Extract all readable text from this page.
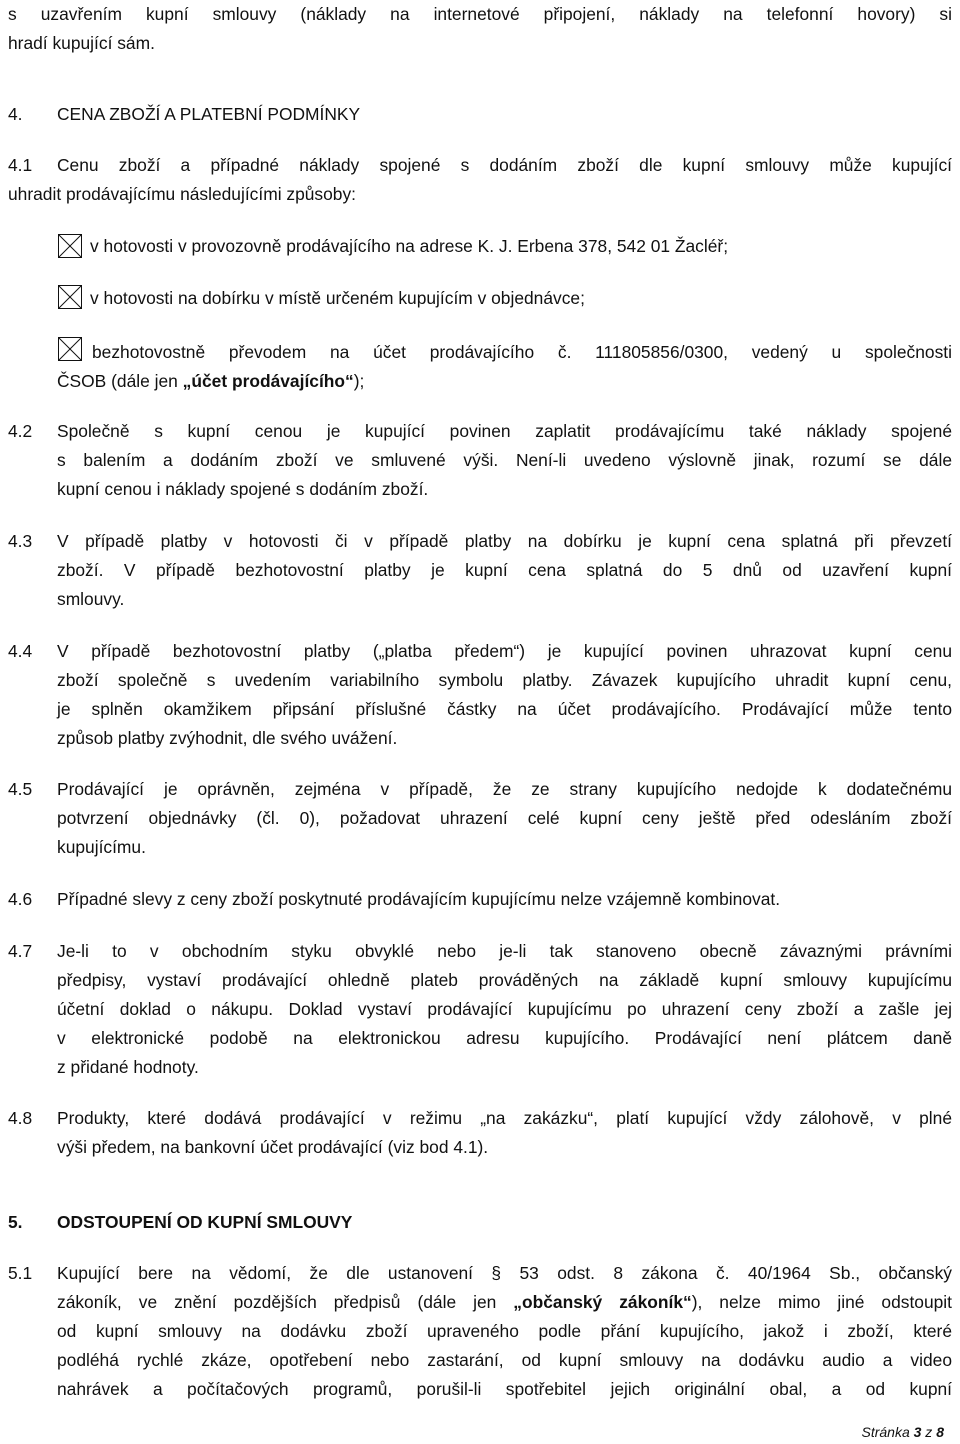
s uzavřením kupní smlouvy (náklady na internetové připojení, náklady na telefonní hovory) si
hradí kupující sám.
4. CENA ZBOŽÍ A PLATEBNÍ PODMÍNKY
4.1 Cenu zboží a případné náklady spojené s dodáním zboží dle kupní smlouvy může kupující
uhradit prodávajícímu následujícími způsoby:
v hotovosti v provozovně prodávajícího na adrese K. J. Erbena 378, 542 01 Žacléř;
v hotovosti na dobírku v místě určeném kupujícím v objednávce;
bezhotovostně převodem na účet prodávajícího č. 111805856/0300, vedený u společnosti
ČSOB (dále jen „účet prodávajícího“);
4.2 Společně s kupní cenou je kupující povinen zaplatit prodávajícímu také náklady spojené
s balením a dodáním zboží ve smluvené výši. Není-li uvedeno výslovně jinak, rozumí se dále
kupní cenou i náklady spojené s dodáním zboží.
4.3 V případě platby v hotovosti či v případě platby na dobírku je kupní cena splatná při převzetí
zboží. V případě bezhotovostní platby je kupní cena splatná do 5 dnů od uzavření kupní
smlouvy.
4.4 V případě bezhotovostní platby („platba předem“) je kupující povinen uhrazovat kupní cenu
zboží společně s uvedením variabilního symbolu platby. Závazek kupujícího uhradit kupní cenu,
je splněn okamžikem připsání příslušné částky na účet prodávajícího. Prodávající může tento
způsob platby zvýhodnit, dle svého uvážení.
4.5 Prodávající je oprávněn, zejména v případě, že ze strany kupujícího nedojde k dodatečnému
potvrzení objednávky (čl. 0), požadovat uhrazení celé kupní ceny ještě před odesláním zboží
kupujícímu.
4.6 Případné slevy z ceny zboží poskytnuté prodávajícím kupujícímu nelze vzájemně kombinovat.
4.7 Je-li to v obchodním styku obvyklé nebo je-li tak stanoveno obecně závaznými právními
předpisy, vystaví prodávající ohledně plateb prováděných na základě kupní smlouvy kupujícímu
účetní doklad o nákupu. Doklad vystaví prodávající kupujícímu po uhrazení ceny zboží a zašle jej
v elektronické podobě na elektronickou adresu kupujícího. Prodávající není plátcem daně
z přidané hodnoty.
4.8 Produkty, které dodává prodávající v režimu „na zakázku“, platí kupující vždy zálohově, v plné
výši předem, na bankovní účet prodávající (viz bod 4.1).
5. ODSTOUPENÍ OD KUPNÍ SMLOUVY
5.1 Kupující bere na vědomí, že dle ustanovení § 53 odst. 8 zákona č. 40/1964 Sb., občanský
zákoník, ve znění pozdějších předpisů (dále jen „občanský zákoník“), nelze mimo jiné odstoupit
od kupní smlouvy na dodávku zboží upraveného podle přání kupujícího, jakož i zboží, které
podléhá rychlé zkáze, opotřebení nebo zastarání, od kupní smlouvy na dodávku audio a video
nahrávek a počítačových programů, porušil-li spotřebitel jejich originální obal, a od kupní
Stránka 3 z 8
